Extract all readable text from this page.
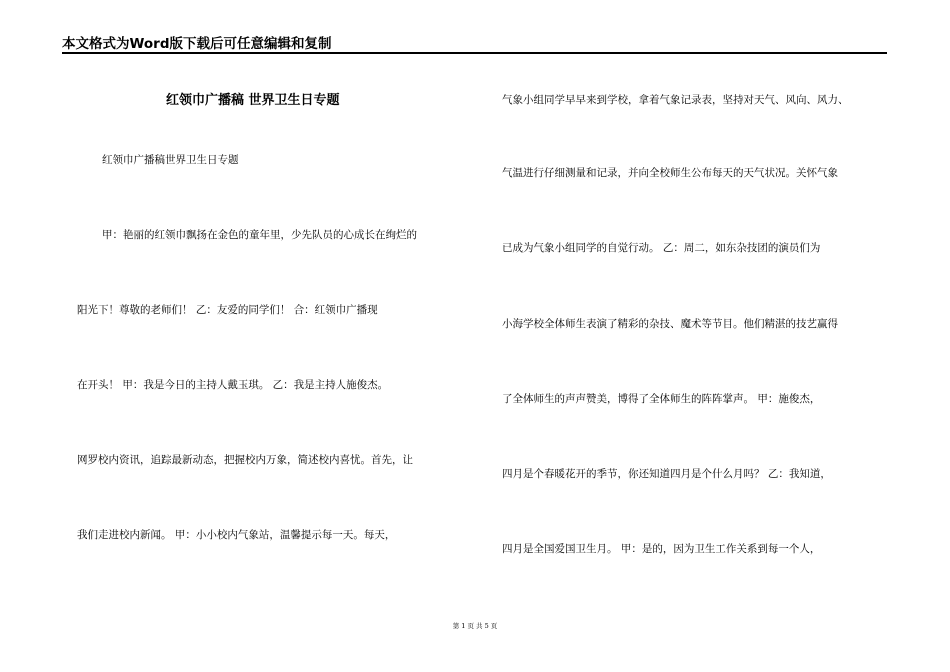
本文格式为Word版下载后可任意编辑和复制
红领巾广播稿 世界卫生日专题
红领巾广播稿世界卫生日专题
甲：艳丽的红领巾飘扬在金色的童年里，少先队员的心成长在绚烂的
阳光下！尊敬的老师们！ 乙：友爱的同学们！ 合：红领巾广播现
在开头！ 甲：我是今日的主持人戴玉琪。 乙：我是主持人施俊杰。
网罗校内资讯，追踪最新动态，把握校内万象，简述校内喜忧。首先，让
我们走进校内新闻。 甲：小小校内气象站，温馨提示每一天。每天，
气象小组同学早早来到学校，拿着气象记录表，坚持对天气、风向、风力、
气温进行仔细测量和记录，并向全校师生公布每天的天气状况。关怀气象
已成为气象小组同学的自觉行动。 乙：周二，如东杂技团的演员们为
小海学校全体师生表演了精彩的杂技、魔术等节目。他们精湛的技艺赢得
了全体师生的声声赞美，博得了全体师生的阵阵掌声。 甲：施俊杰，
四月是个春暖花开的季节，你还知道四月是个什么月吗？ 乙：我知道，
四月是全国爱国卫生月。 甲：是的，因为卫生工作关系到每一个人，
第 1 页 共 5 页
